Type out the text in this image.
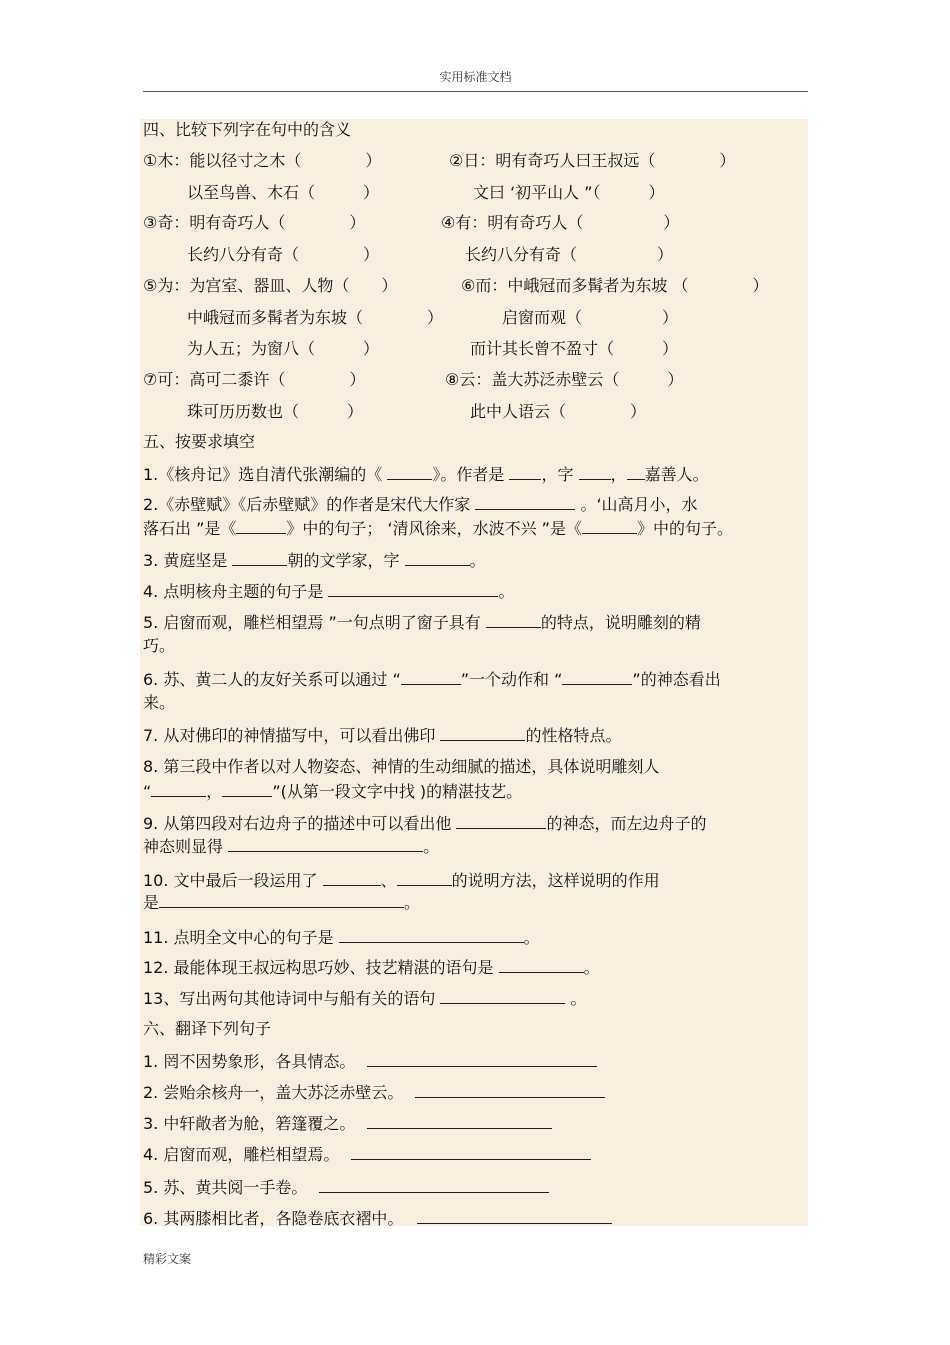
实用标准文档
四、比较下列字在句中的含义
①木：能以径寸之木（　　　　）	②日：明有奇巧人曰王叔远（　　　　）
以至鸟兽、木石（　　　）	文曰 ‘初平山人 ”（　　　）
③奇：明有奇巧人（　　　　）	④有：明有奇巧人（　　　　　）
长约八分有奇（　　　　）	长约八分有奇（　　　　　）
⑤为：为宫室、器皿、人物（　　）	⑥而：中峨冠而多髯者为东坡 （　　　　）
中峨冠而多髯者为东坡（　　　　）	启窗而观（　　　　　）
为人五；为窗八（　　　）	而计其长曾不盈寸（　　　）
⑦可：高可二黍许（　　　　）	⑧云：盖大苏泛赤壁云（　　　）
珠可历历数也（　　　）	此中人语云（　　　　）
五、按要求填空
1.《核舟记》选自清代张潮编的《	》。作者是 ，字 ， 嘉善人。
2.《赤壁赋》《后赤壁赋》的作者是宋代大作家	。‘山高月小，水
落石出 ”是《	》中的句子； ‘清风徐来，水波不兴 ”是《	》中的句子。
3. 黄庭坚是	朝的文学家，字	。
4. 点明核舟主题的句子是	。
5. 启窗而观，雕栏相望焉 ”一句点明了窗子具有	的特点，说明雕刻的精
巧。
6. 苏、黄二人的友好关系可以通过 “	”一个动作和 “	”的神态看出
来。
7. 从对佛印的神情描写中，可以看出佛印	的性格特点。
8. 第三段中作者以对人物姿态、神情的生动细腻的描述，具体说明雕刻人
“	，	”(从第一段文字中找 )的精湛技艺。
9. 从第四段对右边舟子的描述中可以看出他	的神态，而左边舟子的
神态则显得	。
10. 文中最后一段运用了	、	的说明方法，这样说明的作用
是	。
11. 点明全文中心的句子是	。
12. 最能体现王叔远构思巧妙、技艺精湛的语句是	。
13、写出两句其他诗词中与船有关的语句	。
六、翻译下列句子
1. 罔不因势象形，各具情态。
2. 尝贻余核舟一，盖大苏泛赤壁云。
3. 中轩敞者为舱，箬篷覆之。
4. 启窗而观，雕栏相望焉。
5. 苏、黄共阅一手卷。
6. 其两膝相比者，各隐卷底衣褶中。
精彩文案
